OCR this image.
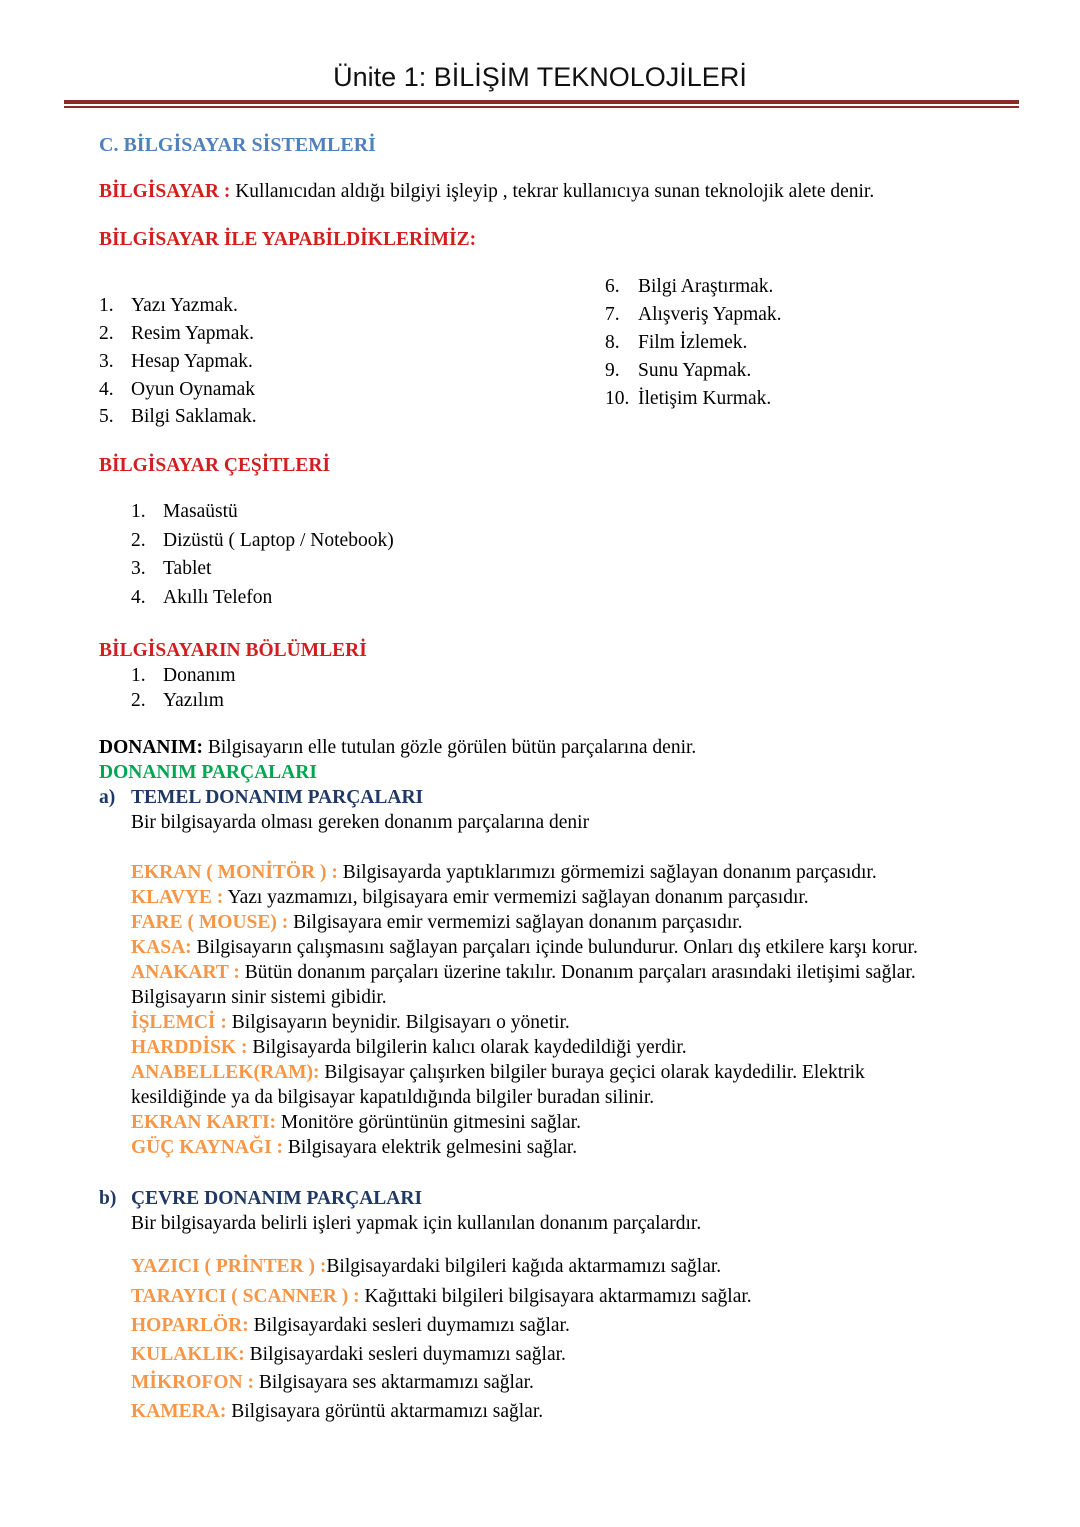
Ünite 1: BİLİŞİM TEKNOLOJİLERİ
C. BİLGİSAYAR SİSTEMLERİ
BİLGİSAYAR : Kullanıcıdan aldığı bilgiyi işleyip , tekrar kullanıcıya sunan teknolojik alete denir.
BİLGİSAYAR İLE YAPABİLDİKLERİMİZ:
1. Yazı Yazmak.
2. Resim Yapmak.
3. Hesap Yapmak.
4. Oyun Oynamak
5. Bilgi Saklamak.
6. Bilgi Araştırmak.
7. Alışveriş Yapmak.
8. Film İzlemek.
9. Sunu Yapmak.
10. İletişim Kurmak.
BİLGİSAYAR ÇEŞİTLERİ
1. Masaüstü
2. Dizüstü ( Laptop / Notebook)
3. Tablet
4. Akıllı Telefon
BİLGİSAYARIN BÖLÜMLERİ
1. Donanım
2. Yazılım
DONANIM: Bilgisayarın elle tutulan gözle görülen bütün parçalarına denir.
DONANIM PARÇALARI
a) TEMEL DONANIM PARÇALARI
Bir bilgisayarda olması gereken donanım parçalarına denir
EKRAN ( MONİTÖR ) : Bilgisayarda yaptıklarımızı görmemizi sağlayan donanım parçasıdır.
KLAVYE : Yazı yazmamızı, bilgisayara emir vermemizi sağlayan donanım parçasıdır.
FARE ( MOUSE) : Bilgisayara emir vermemizi sağlayan donanım parçasıdır.
KASA: Bilgisayarın çalışmasını sağlayan parçaları içinde bulundurur. Onları dış etkilere karşı korur.
ANAKART : Bütün donanım parçaları üzerine takılır. Donanım parçaları arasındaki iletişimi sağlar.
Bilgisayarın sinir sistemi gibidir.
İŞLEMCİ : Bilgisayarın beynidir. Bilgisayarı o yönetir.
HARDDİSK : Bilgisayarda bilgilerin kalıcı olarak kaydedildiği yerdir.
ANABELLEK(RAM): Bilgisayar çalışırken bilgiler buraya geçici olarak kaydedilir. Elektrik
kesildiğinde ya da bilgisayar kapatıldığında bilgiler buradan silinir.
EKRAN KARTI: Monitöre görüntünün gitmesini sağlar.
GÜÇ KAYNAĞI : Bilgisayara elektrik gelmesini sağlar.
b) ÇEVRE DONANIM PARÇALARI
Bir bilgisayarda belirli işleri yapmak için kullanılan donanım parçalardır.
YAZICI ( PRİNTER ) :Bilgisayardaki bilgileri kağıda aktarmamızı sağlar.
TARAYICI ( SCANNER ) : Kağıttaki bilgileri bilgisayara aktarmamızı sağlar.
HOPARLÖR: Bilgisayardaki sesleri duymamızı sağlar.
KULAKLIK: Bilgisayardaki sesleri duymamızı sağlar.
MİKROFON : Bilgisayara ses aktarmamızı sağlar.
KAMERA: Bilgisayara görüntü aktarmamızı sağlar.
